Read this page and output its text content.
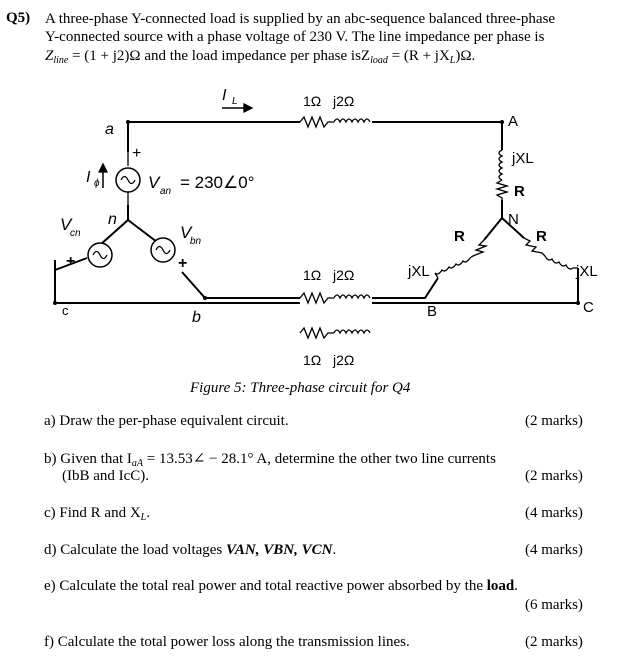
Q5) A three-phase Y-connected load is supplied by an abc-sequence balanced three-phase
Y-connected source with a phase voltage of 230 V. The line impedance per phase is
$Z_{line} = (1 + j2)\Omega$ and the load impedance per phase $isZ_{load} = (R + jX_L)\Omega$.
I L
a
+
I ϕ	V an = 230∠0°
n
V
cn
+
V
bn
+
c	b
1Ω j2Ω
1Ω j2Ω
1Ω j2Ω
A
jXL
R
N
R
jXL
R
jXL
B	C
Figure 5: Three-phase circuit for Q4
a) Draw the per-phase equivalent circuit.	(2 marks)
b) Given that $I_{aA}$ = 13.53∠ − 28.1° A, determine the other two line currents
(IbB and IcC).	(2 marks)
c) Find R and $X_L$.	(4 marks)
d) Calculate the load voltages VAN, VBN, VCN.	(4 marks)
e) Calculate the total real power and total reactive power absorbed by the load.
(6 marks)
f) Calculate the total power loss along the transmission lines.	(2 marks)
